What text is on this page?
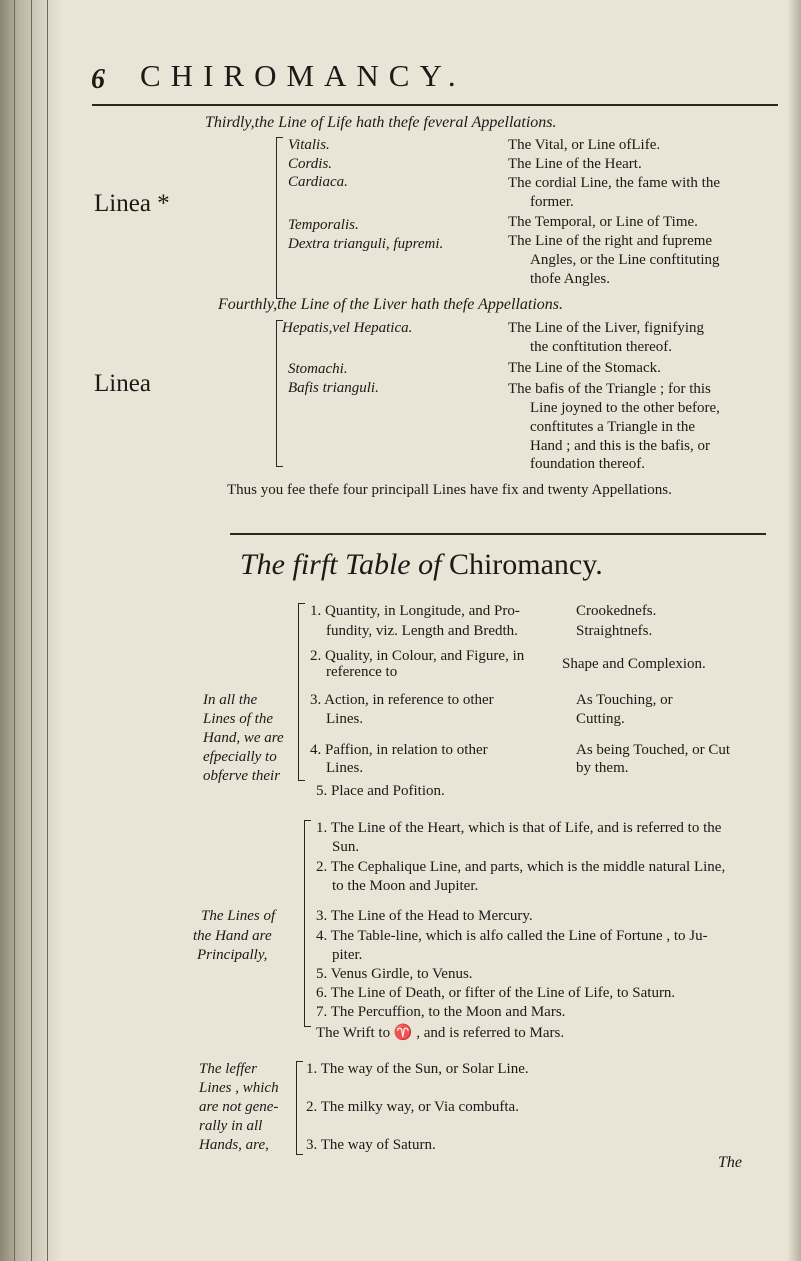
6 CHIROMANCY.
Thirdly,the Line of Life hath thefe feveral Appellations.
Linea *
Vitalis.
Cordis.
Cardiaca.
Temporalis.
Dextra trianguli, fupremi.
The Vital, or Line ofLife.
The Line of the Heart.
The cordial Line, the fame with the
former.
The Temporal, or Line of Time.
The Line of the right and fupreme
Angles, or the Line conftituting
thofe Angles.
Fourthly,the Line of the Liver hath thefe Appellations.
Linea
Hepatis,vel Hepatica.
Stomachi.
Bafis trianguli.
The Line of the Liver, fignifying
the conftitution thereof.
The Line of the Stomack.
The bafis of the Triangle ; for this
Line joyned to the other before,
conftitutes a Triangle in the
Hand ; and this is the bafis, or
foundation thereof.
Thus you fee thefe four principall Lines have fix and twenty Appellations.
The firft Table of Chiromancy.
In all the
Lines of the
Hand, we are
efpecially to
obferve their
1. Quantity, in Longitude, and Pro-
fundity, viz. Length and Bredth.
2. Quality, in Colour, and Figure, in
reference to
3. Action, in reference to other
Lines.
4. Paffion, in relation to other
Lines.
5. Place and Pofition.
Crookednefs.
Straightnefs.
Shape and Complexion.
As Touching, or
Cutting.
As being Touched, or Cut
by them.
The Lines of
the Hand are
Principally,
1. The Line of the Heart, which is that of Life, and is referred to the
Sun.
2. The Cephalique Line, and parts, which is the middle natural Line,
to the Moon and Jupiter.
3. The Line of the Head to Mercury.
4. The Table-line, which is alfo called the Line of Fortune , to Ju-
piter.
5. Venus Girdle, to Venus.
6. The Line of Death, or fifter of the Line of Life, to Saturn.
7. The Percuffion, to the Moon and Mars.
The Wrift to ♈ , and is referred to Mars.
The leffer
Lines , which
are not gene-
rally in all
Hands, are,
1. The way of the Sun, or Solar Line.
2. The milky way, or Via combufta.
3. The way of Saturn.
The
